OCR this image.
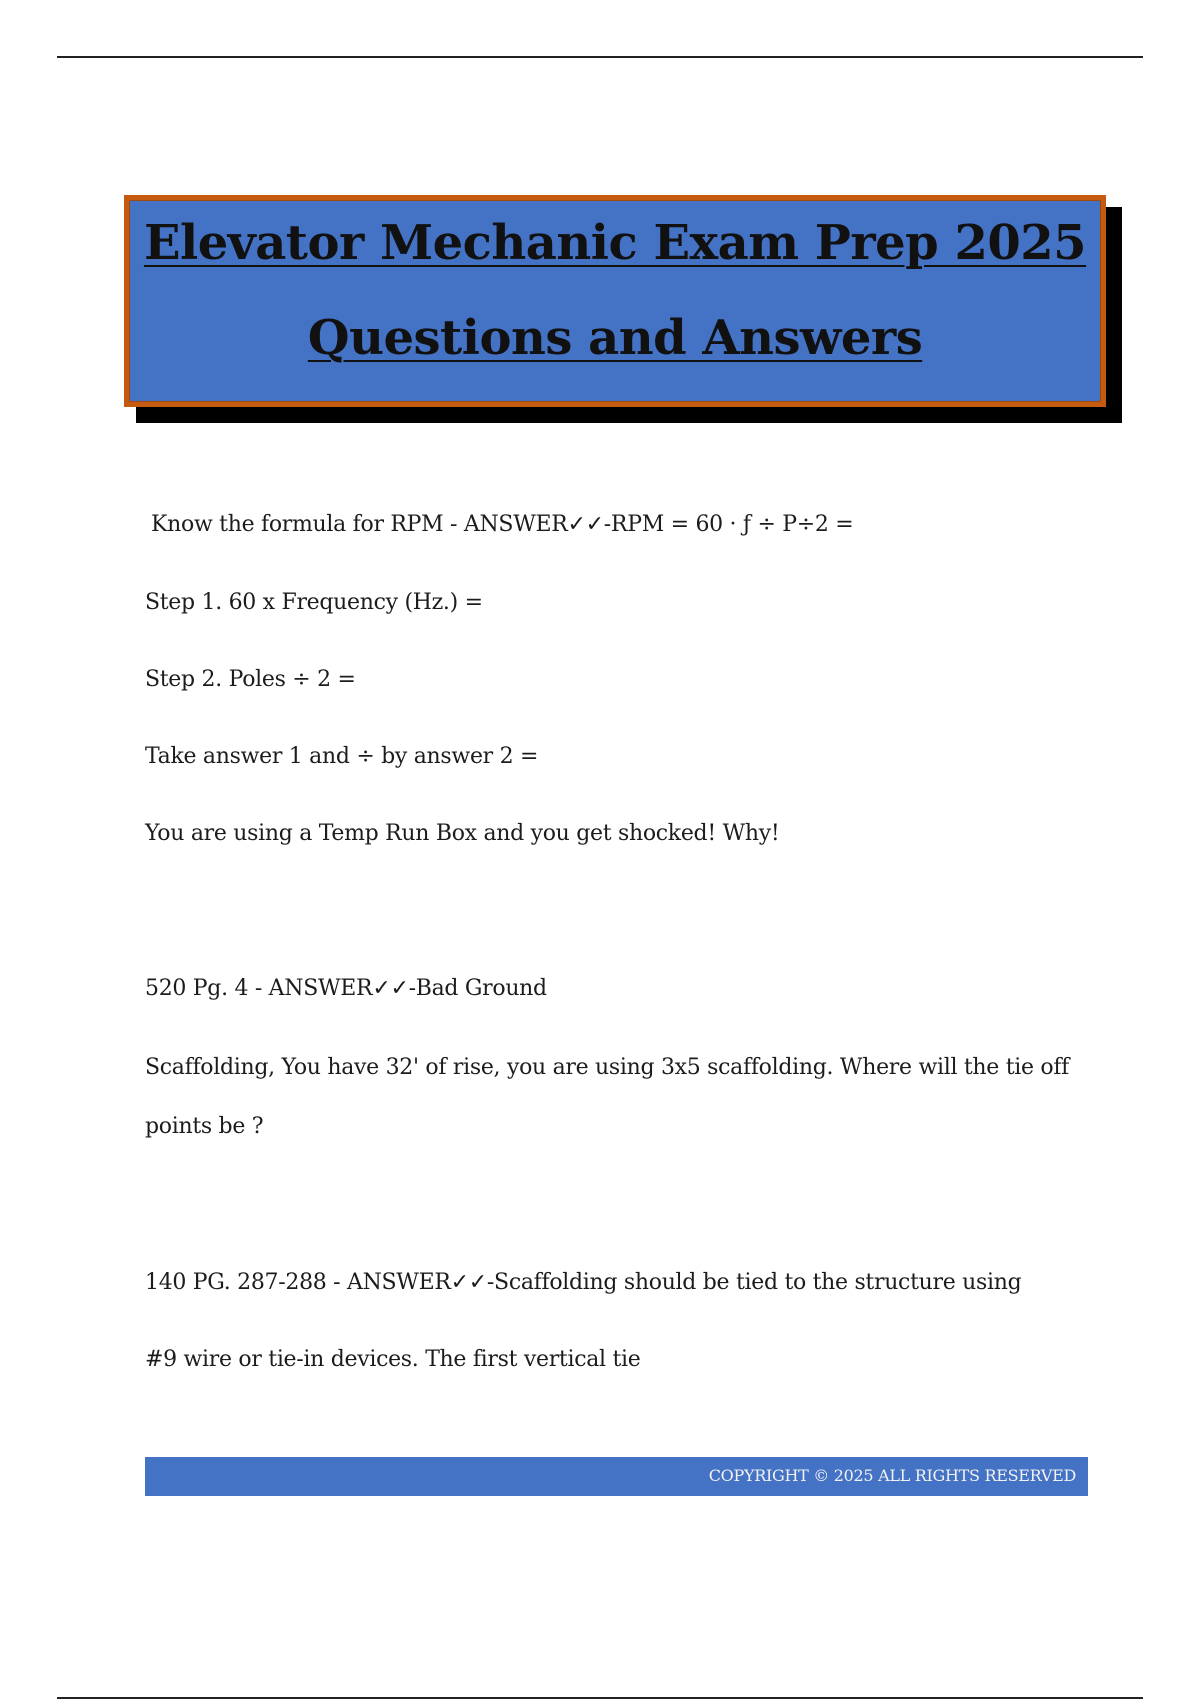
Elevator Mechanic Exam Prep 2025
Questions and Answers
Know the formula for RPM - ANSWER✓✓-RPM = 60 · ƒ ÷ P÷2 =
Step 1. 60 x Frequency (Hz.) =
Step 2. Poles ÷ 2 =
Take answer 1 and ÷ by answer 2 =
You are using a Temp Run Box and you get shocked! Why!
520 Pg. 4 - ANSWER✓✓-Bad Ground
Scaffolding, You have 32' of rise, you are using 3x5 scaffolding. Where will the tie off
points be ?
140 PG. 287-288 - ANSWER✓✓-Scaffolding should be tied to the structure using
#9 wire or tie-in devices. The first vertical tie
COPYRIGHT © 2025 ALL RIGHTS RESERVED
